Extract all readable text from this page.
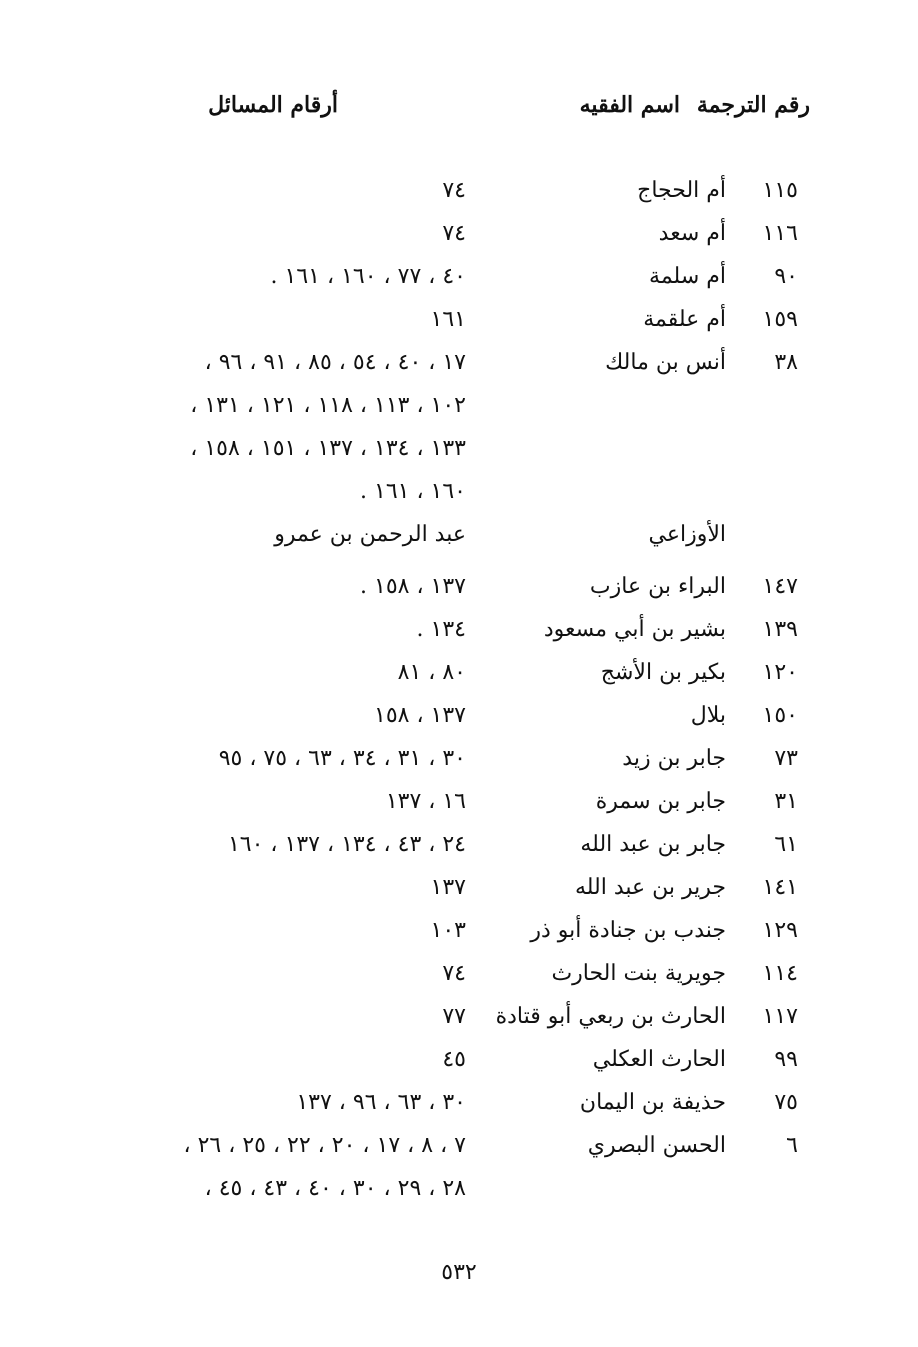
رقم الترجمة
اسم الفقيه
أرقام المسائل
١١٥
أم الحجاج
٧٤
١١٦
أم سعد
٧٤
٩٠
أم سلمة
٤٠ ، ٧٧ ، ١٦٠ ، ١٦١ .
١٥٩
أم علقمة
١٦١
٣٨
أنس بن مالك
١٧ ، ٤٠ ، ٥٤ ، ٨٥ ، ٩١ ، ٩٦ ،
١٠٢ ، ١١٣ ، ١١٨ ، ١٢١ ، ١٣١ ،
١٣٣ ، ١٣٤ ، ١٣٧ ، ١٥١ ، ١٥٨ ،
١٦٠ ، ١٦١ .
الأوزاعي
عبد الرحمن بن عمرو
١٤٧
البراء بن عازب
١٣٧ ، ١٥٨ .
١٣٩
بشير بن أبي مسعود
١٣٤ .
١٢٠
بكير بن الأشج
٨٠ ، ٨١
١٥٠
بلال
١٣٧ ، ١٥٨
٧٣
جابر بن زيد
٣٠ ، ٣١ ، ٣٤ ، ٦٣ ، ٧٥ ، ٩٥
٣١
جابر بن سمرة
١٦ ، ١٣٧
٦١
جابر بن عبد الله
٢٤ ، ٤٣ ، ١٣٤ ، ١٣٧ ، ١٦٠
١٤١
جرير بن عبد الله
١٣٧
١٢٩
جندب بن جنادة أبو ذر
١٠٣
١١٤
جويرية بنت الحارث
٧٤
١١٧
الحارث بن ربعي أبو قتادة
٧٧
٩٩
الحارث العكلي
٤٥
٧٥
حذيفة بن اليمان
٣٠ ، ٦٣ ، ٩٦ ، ١٣٧
٦
الحسن البصري
٧ ، ٨ ، ١٧ ، ٢٠ ، ٢٢ ، ٢٥ ، ٢٦ ،
٢٨ ، ٢٩ ، ٣٠ ، ٤٠ ، ٤٣ ، ٤٥ ،
٥٣٢
